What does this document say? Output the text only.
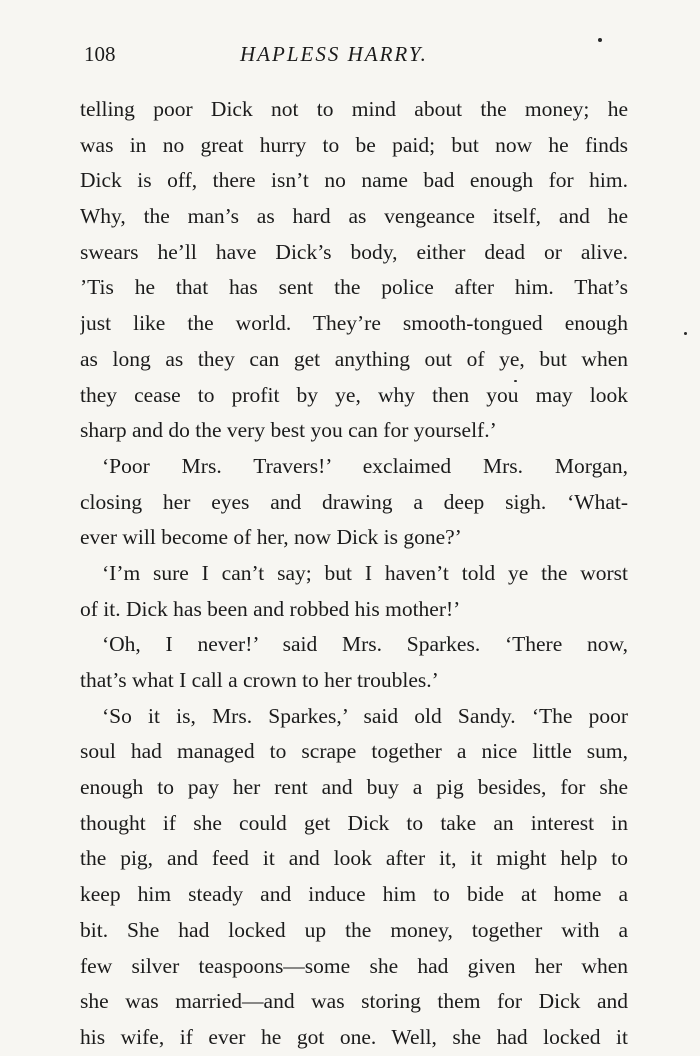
108	HAPLESS HARRY.
telling poor Dick not to mind about the money; he
was in no great hurry to be paid; but now he finds
Dick is off, there isn’t no name bad enough for him.
Why, the man’s as hard as vengeance itself, and he
swears he’ll have Dick’s body, either dead or alive.
’Tis he that has sent the police after him. That’s
just like the world. They’re smooth-tongued enough
as long as they can get anything out of ye, but when
they cease to profit by ye, why then you may look
sharp and do the very best you can for yourself.’
‘Poor Mrs. Travers!’ exclaimed Mrs. Morgan,
closing her eyes and drawing a deep sigh. ‘What-
ever will become of her, now Dick is gone?’
‘I’m sure I can’t say; but I haven’t told ye the worst
of it. Dick has been and robbed his mother!’
‘Oh, I never!’ said Mrs. Sparkes. ‘There now,
that’s what I call a crown to her troubles.’
‘So it is, Mrs. Sparkes,’ said old Sandy. ‘The poor
soul had managed to scrape together a nice little sum,
enough to pay her rent and buy a pig besides, for she
thought if she could get Dick to take an interest in
the pig, and feed it and look after it, it might help to
keep him steady and induce him to bide at home a
bit. She had locked up the money, together with a
few silver teaspoons—some she had given her when
she was married—and was storing them for Dick and
his wife, if ever he got one. Well, she had locked it
